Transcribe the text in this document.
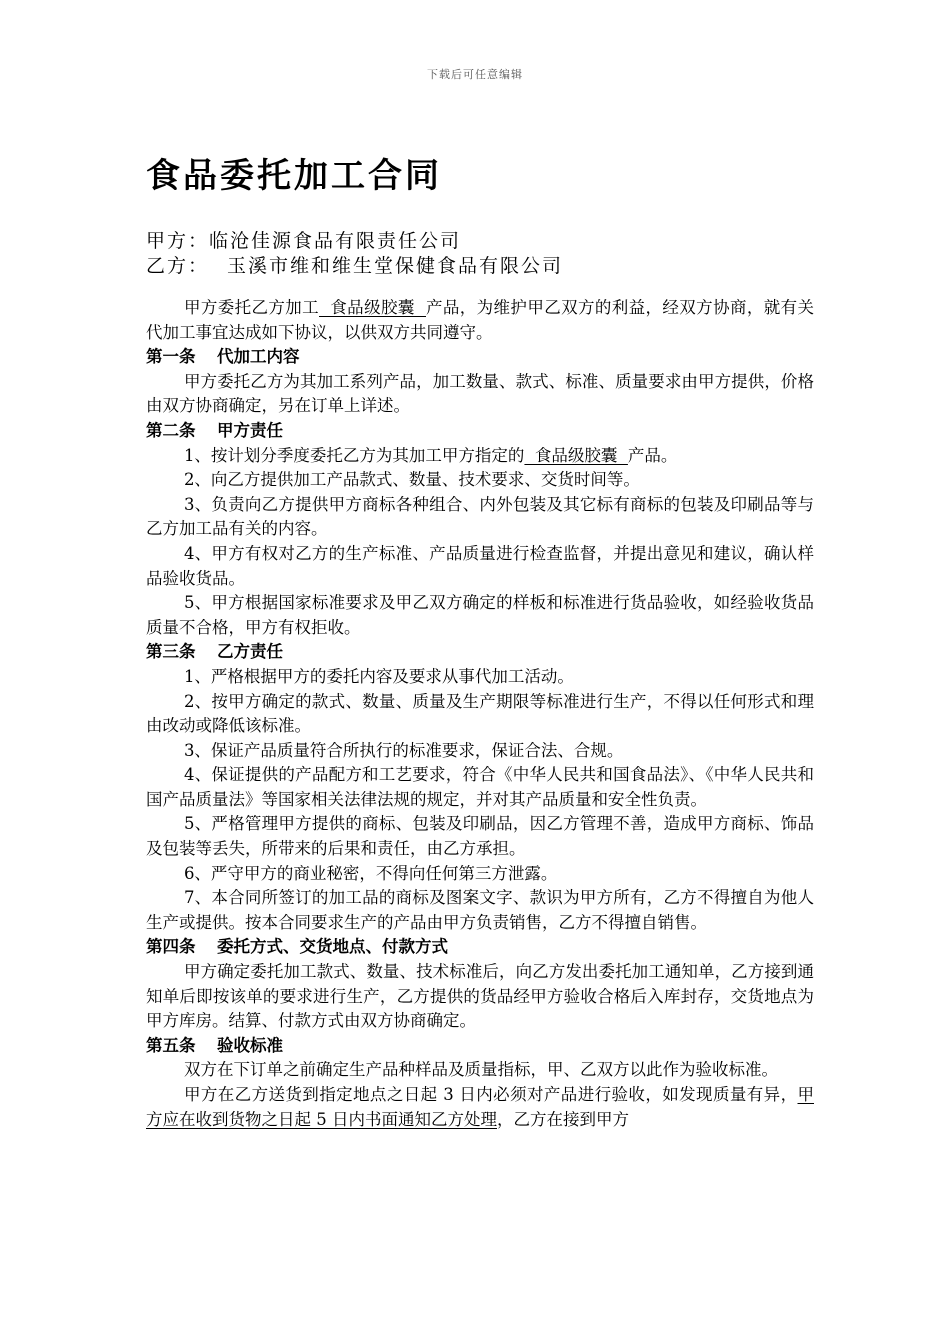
下载后可任意编辑
食品委托加工合同
甲方：临沧佳源食品有限责任公司
乙方： 玉溪市维和维生堂保健食品有限公司

甲方委托乙方加工  食品级胶囊  产品，为维护甲乙双方的利益，经双方协商，就有关代加工事宜达成如下协议，以供双方共同遵守。

第一条 代加工内容

甲方委托乙方为其加工系列产品，加工数量、款式、标准、质量要求由甲方提供，价格由双方协商确定，另在订单上详述。

第二条 甲方责任

1、按计划分季度委托乙方为其加工甲方指定的  食品级胶囊  产品。

2、向乙方提供加工产品款式、数量、技术要求、交货时间等。

3、负责向乙方提供甲方商标各种组合、内外包装及其它标有商标的包装及印刷品等与乙方加工品有关的内容。

4、甲方有权对乙方的生产标准、产品质量进行检查监督，并提出意见和建议，确认样品验收货品。

5、甲方根据国家标准要求及甲乙双方确定的样板和标准进行货品验收，如经验收货品质量不合格，甲方有权拒收。

第三条 乙方责任

1、严格根据甲方的委托内容及要求从事代加工活动。

2、按甲方确定的款式、数量、质量及生产期限等标准进行生产，不得以任何形式和理由改动或降低该标准。

3、保证产品质量符合所执行的标准要求，保证合法、合规。

4、保证提供的产品配方和工艺要求，符合《中华人民共和国食品法》、《中华人民共和国产品质量法》等国家相关法律法规的规定，并对其产品质量和安全性负责。

5、严格管理甲方提供的商标、包装及印刷品，因乙方管理不善，造成甲方商标、饰品及包装等丢失，所带来的后果和责任，由乙方承担。

6、严守甲方的商业秘密，不得向任何第三方泄露。

7、本合同所签订的加工品的商标及图案文字、款识为甲方所有，乙方不得擅自为他人生产或提供。按本合同要求生产的产品由甲方负责销售，乙方不得擅自销售。

第四条 委托方式、交货地点、付款方式

甲方确定委托加工款式、数量、技术标准后，向乙方发出委托加工通知单，乙方接到通知单后即按该单的要求进行生产，乙方提供的货品经甲方验收合格后入库封存，交货地点为甲方库房。结算、付款方式由双方协商确定。

第五条 验收标准

双方在下订单之前确定生产品种样品及质量指标，甲、乙双方以此作为验收标准。

甲方在乙方送货到指定地点之日起 3 日内必须对产品进行验收，如发现质量有异，甲方应在收到货物之日起 5 日内书面通知乙方处理，乙方在接到甲方
